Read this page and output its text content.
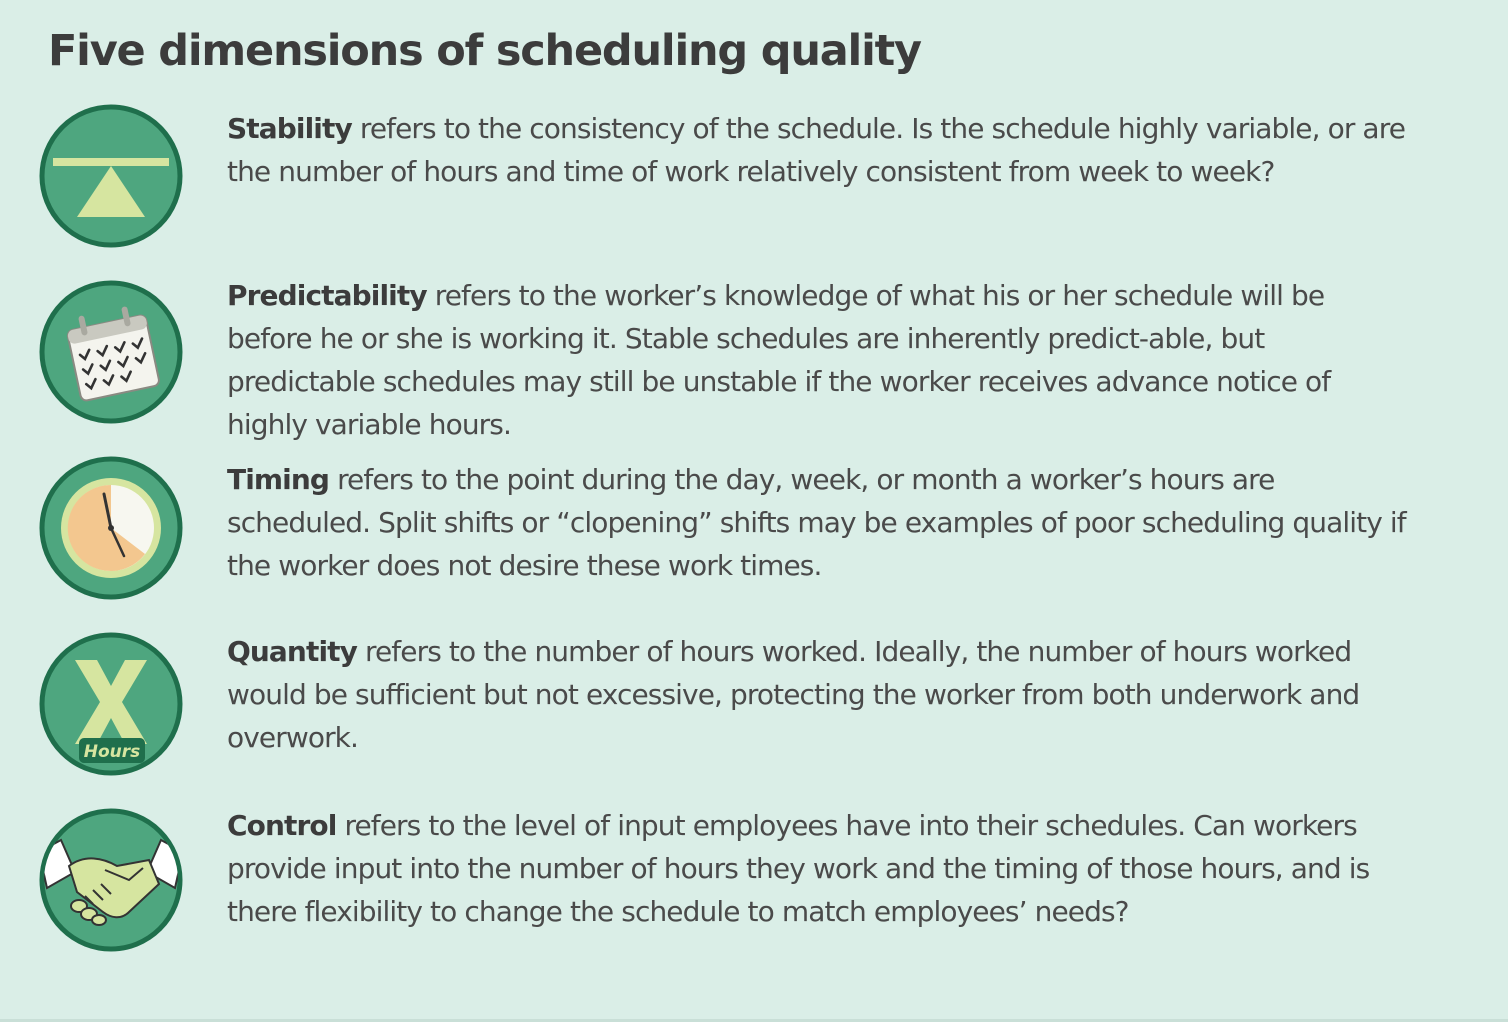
Five dimensions of scheduling quality

Stability refers to the consistency of the schedule. Is the schedule highly variable, or are the number of hours and time of work relatively consistent from week to week?

Predictability refers to the worker’s knowledge of what his or her schedule will be before he or she is working it. Stable schedules are inherently predict-able, but predictable schedules may still be unstable if the worker receives advance notice of highly variable hours.

Timing refers to the point during the day, week, or month a worker’s hours are scheduled. Split shifts or “clopening” shifts may be examples of poor scheduling quality if the worker does not desire these work times.

Hours

Quantity refers to the number of hours worked. Ideally, the number of hours worked would be sufficient but not excessive, protecting the worker from both underwork and overwork.

Control refers to the level of input employees have into their schedules. Can workers provide input into the number of hours they work and the timing of those hours, and is there flexibility to change the schedule to match employees’ needs?
